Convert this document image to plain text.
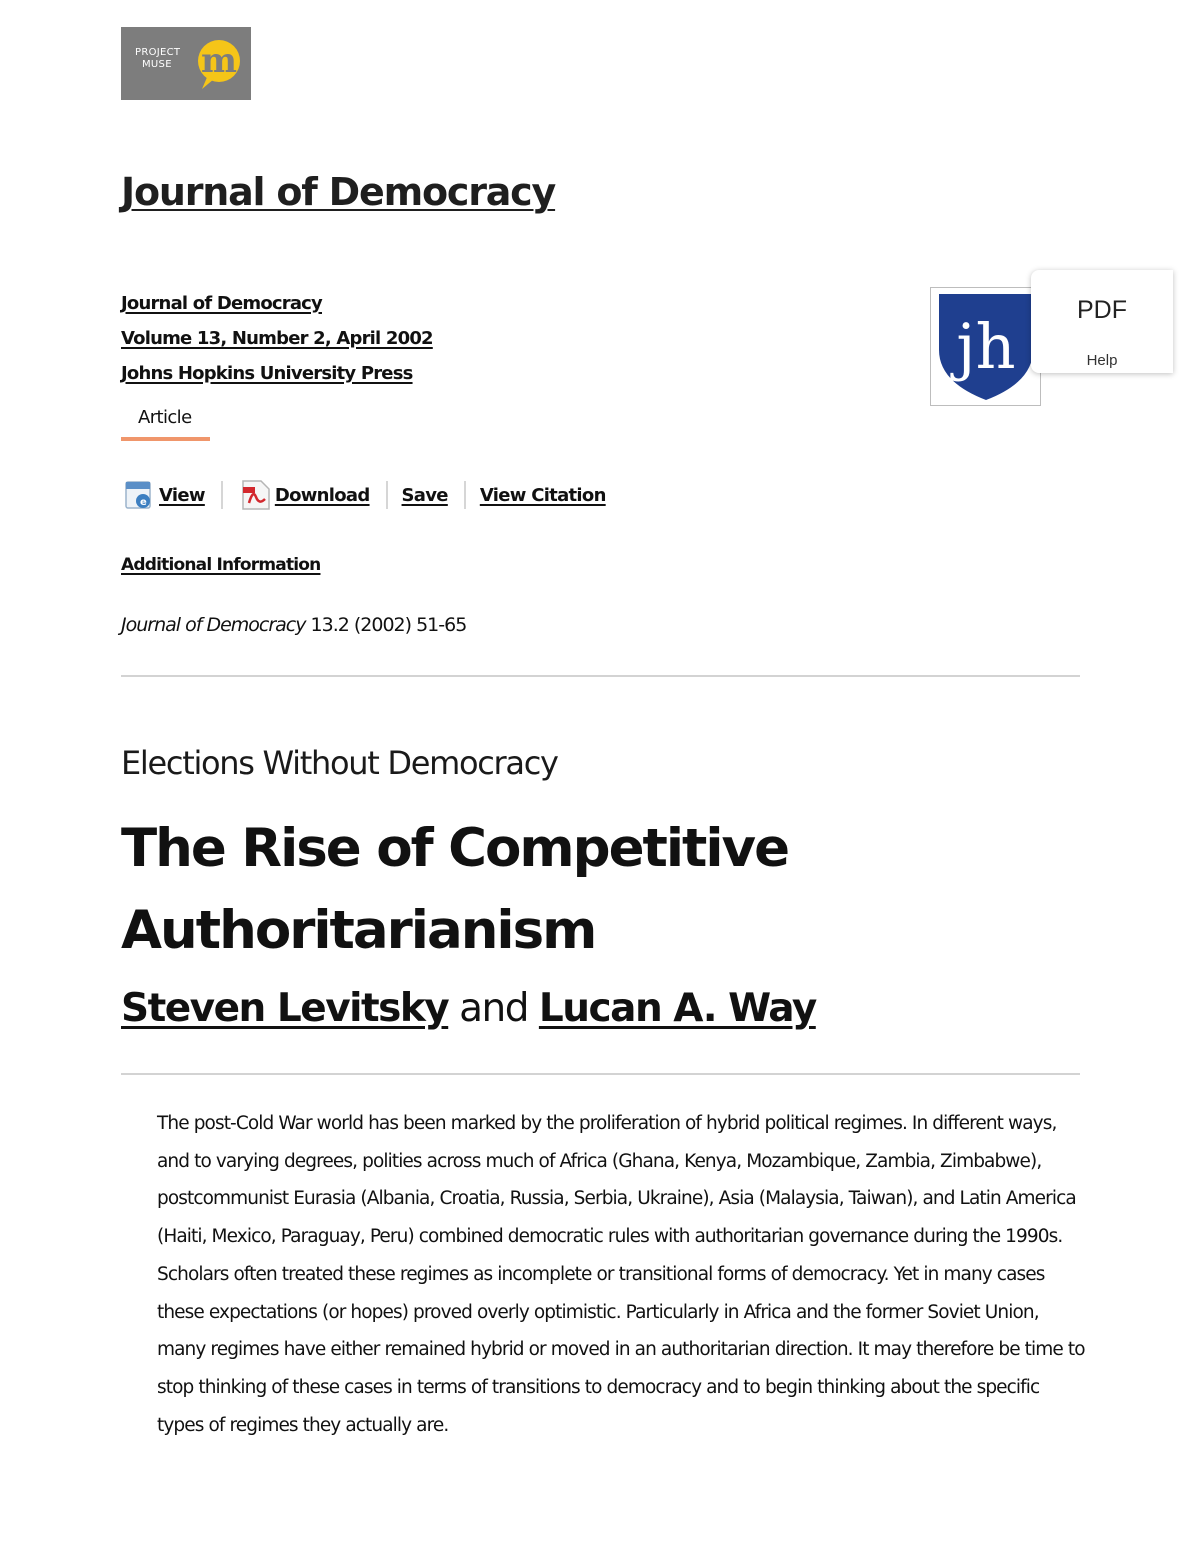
PROJECT
MUSE m
Journal of Democracy
Journal of Democracy
Volume 13, Number 2, April 2002
Johns Hopkins University Press
Article
jh	PDF
Help
e View	Download Save View Citation
Additional Information
Journal of Democracy 13.2 (2002) 51-65
Elections Without Democracy
The Rise of Competitive Authoritarianism
Steven Levitsky and Lucan A. Way

The post-Cold War world has been marked by the proliferation of hybrid political regimes. In different ways, and to varying degrees, polities across much of Africa (Ghana, Kenya, Mozambique, Zambia, Zimbabwe), postcommunist Eurasia (Albania, Croatia, Russia, Serbia, Ukraine), Asia (Malaysia, Taiwan), and Latin America (Haiti, Mexico, Paraguay, Peru) combined democratic rules with authoritarian governance during the 1990s. Scholars often treated these regimes as incomplete or transitional forms of democracy. Yet in many cases these expectations (or hopes) proved overly optimistic. Particularly in Africa and the former Soviet Union, many regimes have either remained hybrid or moved in an authoritarian direction. It may therefore be time to stop thinking of these cases in terms of transitions to democracy and to begin thinking about the specific types of regimes they actually are.
